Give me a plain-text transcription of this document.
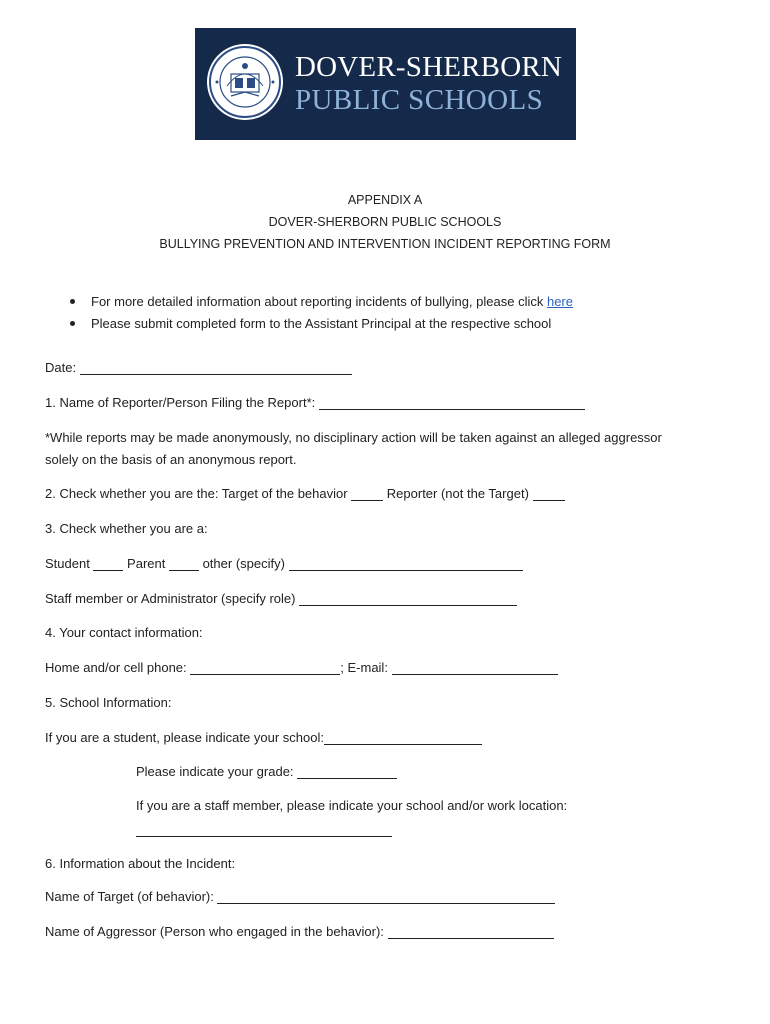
DOVER-SHERBORN
PUBLIC SCHOOLS
APPENDIX A
DOVER-SHERBORN PUBLIC SCHOOLS
BULLYING PREVENTION AND INTERVENTION INCIDENT REPORTING FORM
For more detailed information about reporting incidents of bullying, please click here
Please submit completed form to the Assistant Principal at the respective school
Date:
1. Name of Reporter/Person Filing the Report*:
*While reports may be made anonymously, no disciplinary action will be taken against an alleged aggressor
solely on the basis of an anonymous report.
2. Check whether you are the: Target of the behavior  Reporter (not the Target)
3. Check whether you are a:
Student  Parent  other (specify)
Staff member or Administrator (specify role)
4. Your contact information:
Home and/or cell phone:	; E-mail:
5. School Information:
If you are a student, please indicate your school:
Please indicate your grade:
If you are a staff member, please indicate your school and/or work location:
6. Information about the Incident:
Name of Target (of behavior):
Name of Aggressor (Person who engaged in the behavior):
